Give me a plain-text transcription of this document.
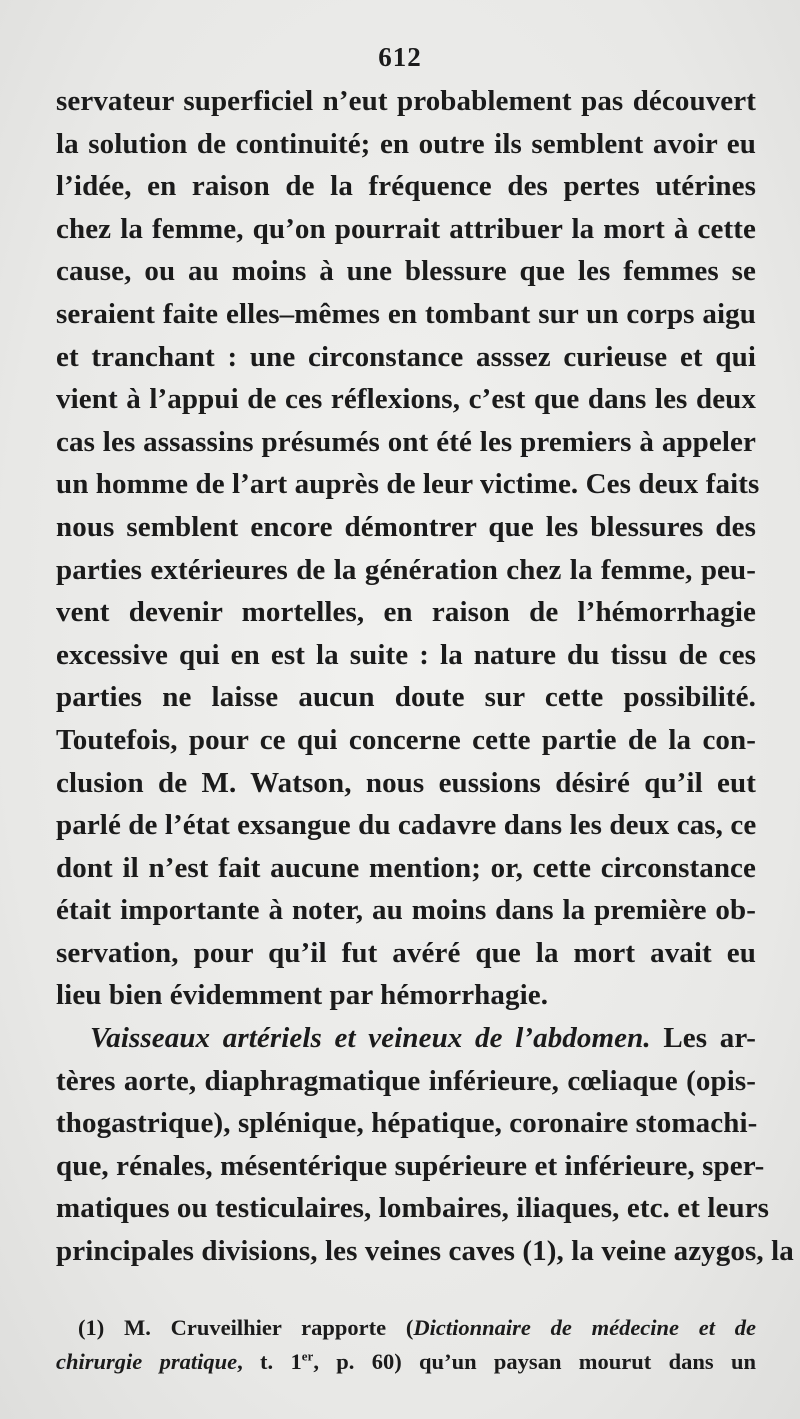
612
servateur superficiel n’eut probablement pas découvert
la solution de continuité; en outre ils semblent avoir eu
l’idée, en raison de la fréquence des pertes utérines
chez la femme, qu’on pourrait attribuer la mort à cette
cause, ou au moins à une blessure que les femmes se
seraient faite elles–mêmes en tombant sur un corps aigu
et tranchant : une circonstance asssez curieuse et qui
vient à l’appui de ces réflexions, c’est que dans les deux
cas les assassins présumés ont été les premiers à appeler
un homme de l’art auprès de leur victime. Ces deux faits
nous semblent encore démontrer que les blessures des
parties extérieures de la génération chez la femme, peu-
vent devenir mortelles, en raison de l’hémorrhagie
excessive qui en est la suite : la nature du tissu de ces
parties ne laisse aucun doute sur cette possibilité.
Toutefois, pour ce qui concerne cette partie de la con-
clusion de M. Watson, nous eussions désiré qu’il eut
parlé de l’état exsangue du cadavre dans les deux cas, ce
dont il n’est fait aucune mention; or, cette circonstance
était importante à noter, au moins dans la première ob-
servation, pour qu’il fut avéré que la mort avait eu
lieu bien évidemment par hémorrhagie.
Vaisseaux artériels et veineux de l’abdomen. Les ar-
tères aorte, diaphragmatique inférieure, cœliaque (opis-
thogastrique), splénique, hépatique, coronaire stomachi-
que, rénales, mésentérique supérieure et inférieure, sper-
matiques ou testiculaires, lombaires, iliaques, etc. et leurs
principales divisions, les veines caves (1), la veine azygos, la
(1) M. Cruveilhier rapporte (Dictionnaire de médecine et de
chirurgie pratique, t. 1er, p. 60) qu’un paysan mourut dans un
